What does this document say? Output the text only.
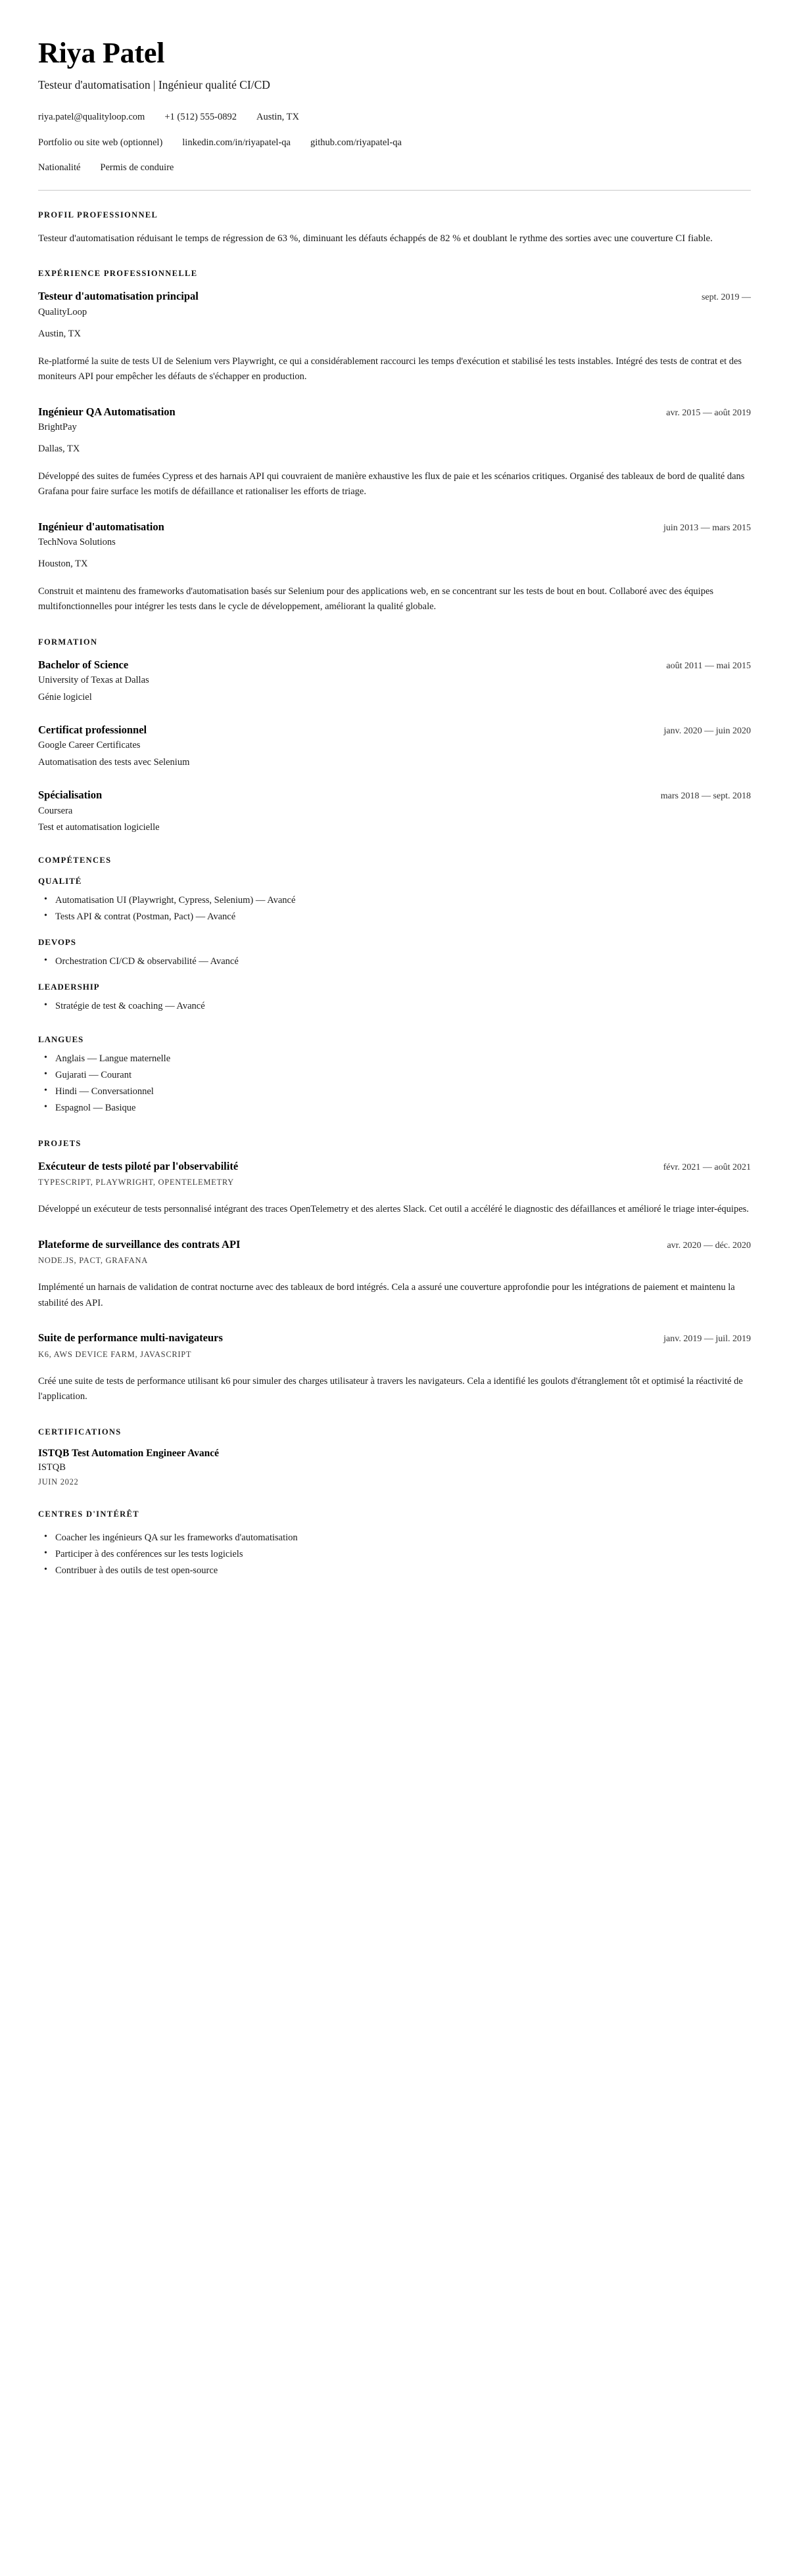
Riya Patel
Testeur d'automatisation | Ingénieur qualité CI/CD
riya.patel@qualityloop.com +1 (512) 555-0892 Austin, TX
Portfolio ou site web (optionnel) linkedin.com/in/riyapatel-qa github.com/riyapatel-qa
Nationalité Permis de conduire
PROFIL PROFESSIONNEL

Testeur d'automatisation réduisant le temps de régression de 63 %, diminuant les défauts échappés de 82 % et doublant le rythme des sorties avec une couverture CI fiable.

EXPÉRIENCE PROFESSIONNELLE
Testeur d'automatisation principal	sept. 2019 —

QualityLoop

Austin, TX

Re-platformé la suite de tests UI de Selenium vers Playwright, ce qui a considérablement raccourci les temps d'exécution et stabilisé les tests instables. Intégré des tests de contrat et des moniteurs API pour empêcher les défauts de s'échapper en production.

Ingénieur QA Automatisation	avr. 2015 — août 2019

BrightPay

Dallas, TX

Développé des suites de fumées Cypress et des harnais API qui couvraient de manière exhaustive les flux de paie et les scénarios critiques. Organisé des tableaux de bord de qualité dans Grafana pour faire surface les motifs de défaillance et rationaliser les efforts de triage.

Ingénieur d'automatisation	juin 2013 — mars 2015

TechNova Solutions

Houston, TX

Construit et maintenu des frameworks d'automatisation basés sur Selenium pour des applications web, en se concentrant sur les tests de bout en bout. Collaboré avec des équipes multifonctionnelles pour intégrer les tests dans le cycle de développement, améliorant la qualité globale.

FORMATION
Bachelor of Science	août 2011 — mai 2015

University of Texas at Dallas

Génie logiciel

Certificat professionnel	janv. 2020 — juin 2020

Google Career Certificates

Automatisation des tests avec Selenium

Spécialisation	mars 2018 — sept. 2018

Coursera

Test et automatisation logicielle

COMPÉTENCES
QUALITÉ
• Automatisation UI (Playwright, Cypress, Selenium) — Avancé
• Tests API & contrat (Postman, Pact) — Avancé
DEVOPS
• Orchestration CI/CD & observabilité — Avancé
LEADERSHIP
• Stratégie de test & coaching — Avancé
LANGUES
• Anglais — Langue maternelle
• Gujarati — Courant
• Hindi — Conversationnel
• Espagnol — Basique
PROJETS
Exécuteur de tests piloté par l'observabilité	févr. 2021 — août 2021

TYPESCRIPT, PLAYWRIGHT, OPENTELEMETRY

Développé un exécuteur de tests personnalisé intégrant des traces OpenTelemetry et des alertes Slack. Cet outil a accéléré le diagnostic des défaillances et amélioré le triage inter-équipes.

Plateforme de surveillance des contrats API	avr. 2020 — déc. 2020

NODE.JS, PACT, GRAFANA

Implémenté un harnais de validation de contrat nocturne avec des tableaux de bord intégrés. Cela a assuré une couverture approfondie pour les intégrations de paiement et maintenu la stabilité des API.

Suite de performance multi-navigateurs	janv. 2019 — juil. 2019

K6, AWS DEVICE FARM, JAVASCRIPT

Créé une suite de tests de performance utilisant k6 pour simuler des charges utilisateur à travers les navigateurs. Cela a identifié les goulots d'étranglement tôt et optimisé la réactivité de l'application.

CERTIFICATIONS
ISTQB Test Automation Engineer Avancé

ISTQB

JUIN 2022

CENTRES D'INTÉRÊT
• Coacher les ingénieurs QA sur les frameworks d'automatisation
• Participer à des conférences sur les tests logiciels
• Contribuer à des outils de test open-source
